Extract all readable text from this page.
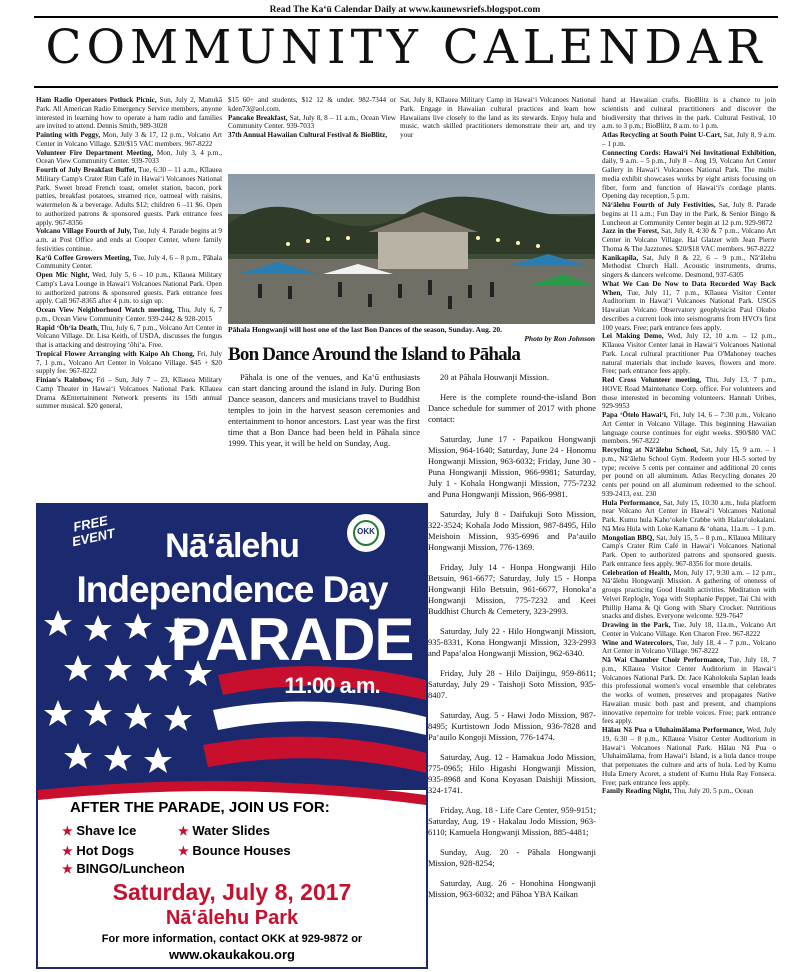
Read The Ka‘ū Calendar Daily at www.kaunewsriefs.blogspot.com
COMMUNITY CALENDAR

Ham Radio Operators Potluck Picnic, Sun, July 2, Manukā Park. All American Radio Emergency Service members, anyone interested in learning how to operate a ham radio and families are invited to attend. Dennis Smith, 989-3028

Painting with Peggy, Mon, July 3 & 17, 12 p.m., Volcano Art Center in Volcano Village. $20/$15 VAC members. 967-8222

Volunteer Fire Department Meeting, Mon, July 3, 4 p.m., Ocean View Community Center. 939-7033

Fourth of July Breakfast Buffet, Tue, 6:30 – 11 a.m., Kīlauea Military Camp's Crater Rim Café in Hawai‘i Volcanoes National Park. Sweet bread French toast, omelet station, bacon, pork patties, breakfast potatoes, steamed rice, oatmeal with raisins, watermelon & a beverage. Adults $12; children 6 –11 $6. Open to authorized patrons & sponsored guests. Park entrance fees apply. 967-8356

Volcano Village Fourth of July, Tue, July 4. Parade begins at 9 a.m. at Post Office and ends at Cooper Center, where family festivities continue.

Ka‘ū Coffee Growers Meeting, Tue, July 4, 6 – 8 p.m., Pāhala Community Center.

Open Mic Night, Wed, July 5, 6 – 10 p.m., Kīlauea Military Camp's Lava Lounge in Hawai‘i Volcanoes National Park. Open to authorized patrons & sponsored guests. Park entrance fees apply. Call 967-8365 after 4 p.m. to sign up.

Ocean View Neighborhood Watch meeting, Thu, July 6, 7 p.m., Ocean View Community Center. 939-2442 & 928-2015

Rapid ‘Ōh‘ia Death, Thu, July 6, 7 p.m., Volcano Art Center in Volcano Village. Dr. Lisa Keith, of USDA, discusses the fungus that is attacking and destroying ‘ōhi‘a. Free.

Tropical Flower Arranging with Kaipo Ah Chong, Fri, July 7, 1 p.m., Volcano Art Center in Volcano Village. $45 + $20 supply fee. 967-8222

Finian's Rainbow, Fri – Sun, July 7 – 23, Kīlauea Military Camp Theater in Hawai‘i Volcanoes National Park. Kīlauea Drama &Entertainment Network presents its 15th annual summer musical. $20 general,

$15 60+ and students, $12 12 & under. 982-7344 or kden73@aol.com.

Pancake Breakfast, Sat, July 8, 8 – 11 a.m., Ocean View Community Center. 939-7033

37th Annual Hawaiian Cultural Festival & BioBlitz,

Sat, July 8, Kīlauea Military Camp in Hawai‘i Volcanoes National Park. Engage in Hawaiian cultural practices and learn how Hawaiians live closely to the land as its stewards. Enjoy hula and music, watch skilled practitioners demonstrate their art, and try your

hand at Hawaiian crafts. BioBlitz is a chance to join scientists and cultural practitioners and discover the biodiversity that thrives in the park. Cultural Festival, 10 a.m. to 3 p.m.; BioBlitz, 8 a.m. to 1 p.m.

Atlas Recycling at South Point U-Cart, Sat, July 8, 9 a.m. – 1 p.m.

Connecting Cords: Hawai‘i Nei Invitational Exhibition, daily, 9 a.m. – 5 p.m., July 8 – Aug 19, Volcano Art Center Gallery in Hawai‘i Volcanoes National Park. The multi-media exhibit showcases works by eight artists focusing on fiber, form and function of Hawai‘i's cordage plants. Opening day reception, 5 p.m.

Nā‘ālehu Fourth of July Festivities, Sat, July 8. Parade begins at 11 a.m.; Fun Day in the Park, & Senior Bingo & Luncheon at Community Center begin at 12 p.m. 929-9872

Jazz in the Forest, Sat, July 8, 4:30 & 7 p.m., Volcano Art Center in Volcano Village. Hal Glatzer with Jean Pierre Thoma & The Jazztones. $20/$18 VAC members. 967-8222

Kanikapila, Sat, July 8 & 22, 6 – 9 p.m., Nā‘ālehu Methodist Church Hall. Acoustic instruments, drums, singers & dancers welcome. Desmond, 937-6305

What We Can Do Now to Data Recorded Way Back When, Tue, July 11, 7 p.m., Kīlauea Visitor Center Auditorium in Hawai‘i Volcanoes National Park. USGS Hawaiian Volcano Observatory geophysicist Paul Okubo describes a current look into seismograms from HVO's first 100 years. Free; park entrance fees apply.

Lei Making Demo, Wed, July 12, 10 a.m. – 12 p.m., Kīlauea Visitor Center lanai in Hawai‘i Volcanoes National Park. Local cultural practitioner Pua O'Mahoney teaches natural materials that include leaves, flowers and more. Free; park entrance fees apply.

Red Cross Volunteer meeting, Thu, July 13, 7 p.m., HOVE Road Maintenance Corp. office. For volunteers and those interested in becoming volunteers. Hannah Uribes, 929-9953

Papa ‘Ōtelo Hawai‘i, Fri, July 14, 6 – 7:30 p.m., Volcano Art Center in Volcano Village. This beginning Hawaiian language course continues for eight weeks. $90/$80 VAC members. 967-8222

Recycling at Nā‘ālehu School, Sat, July 15, 9 a.m. – 1 p.m., Nā‘ālehu School Gym. Redeem your HI-5 sorted by type; receive 5 cents per container and additional 20 cents per pound on all aluminum. Atlas Recycling donates 20 cents per pound on all aluminum redeemed to the school. 939-2413, ext. 230

Hula Performance, Sat, July 15, 10:30 a.m., hula platform near Volcano Art Center in Hawai‘i Volcanoes National Park. Kumu hula Kaho‘okele Crabbe with Halau‘olokalani. Nā Mea Hula with Loke Kamanu & ‘ohana, 11a.m. – 1 p.m.

Mongolian BBQ, Sat, July 15, 5 – 8 p.m., Kīlauea Military Camp's Crater Rim Café in Hawai‘i Volcanoes National Park. Open to authorized patrons and sponsored guests. Park entrance fees apply. 967-8356 for more details.

Celebration of Health, Mon, July 17, 9:30 a.m. – 12 p.m., Nā‘ālehu Hongwanji Mission. A gathering of oneness of groups practicing Good Health activities. Meditation with Velvet Replogle, Yoga with Stephanie Pepper, Tai Chi with Phillip Hama & Qi Gong with Shary Crocker. Nutritious snacks and dishes. Everyone welcome. 929-7647

Drawing in the Park, Tue, July 18, 11a.m., Volcano Art Center in Volcano Village. Ken Charon Free. 967-8222

Wine and Watercolors, Tue, July 18, 4 – 7 p.m., Volcano Art Center in Volcano Village. 967-8222

Nā Wai Chamber Choir Performance, Tue, July 18, 7 p.m., Kīlauea Visitor Center Auditorium in Hawai‘i Volcanoes National Park. Dr. Jace Kaholokula Saplan leads this professional women's vocal ensemble that celebrates the works of women, preserves and propagates Native Hawaiian music both past and present, and champions innovative repertoire for treble voices. Free; park entrance fees apply.

Hālau Nā Pua o Uluhaimālama Performance, Wed, July 19, 6:30 – 8 p.m., Kīlauea Visitor Center Auditorium in Hawai‘i Volcanoes National Park. Hālau Nā Pua o Uluhaimālama, from Hawai‘i Island, is a hula dance troupe that perpetuates the culture and arts of hula. Led by Kumu Hula Emery Acoret, a student of Kumu Hula Ray Fonseca. Free; park entrance fees apply.

Family Reading Night, Thu, July 20, 5 p.m., Ocean

Pāhala Hongwanji will host one of the last Bon Dances of the season, Sunday. Aug. 20.
Photo by Ron Johnson
Bon Dance Around the Island to Pāhala

Pāhala is one of the venues, and Ka‘ū enthusiasts can start dancing around the island in July. During Bon Dance season, dancers and musicians travel to Buddhist temples to join in the harvest season ceremonies and entertainment to honor ancestors. Last year was the first time that a Bon Dance had been held in Pāhala since 1999. This year, it will be held on Sunday, Aug.

20 at Pāhala Houwanji Mission.

Here is the complete round-the-island Bon Dance schedule for summer of 2017 with phone contact:

Saturday, June 17 - Papaikou Hongwanji Mission, 964-1640; Saturday, June 24 - Honomu Hongwanji Mission, 963-6032; Friday, June 30 - Puna Hongwanji Mission, 966-9981; Saturday, July 1 - Kohala Hongwanji Mission, 775-7232 and Puna Hongwanji Mission, 966-9981.

Saturday, July 8 - Daifukuji Soto Mission, 322-3524; Kohala Jodo Mission, 987-8495, Hilo Meishoin Mission, 935-6996 and Pa‘auilo Hongwanji Mission, 776-1369.

Friday, July 14 - Honpa Hongwanji Hilo Betsuin, 961-6677; Saturday, July 15 - Honpa Hongwanji Hilo Betsuin, 961-6677, Honoka‘a Hongwanji Mission, 775-7232 and Keei Buddhist Church & Cemetery, 323-2993.

Saturday, July 22 - Hilo Hongwanji Mission, 935-8331, Kona Hongwanji Mission, 323-2993 and Papa‘aloa Hongwanji Mission, 962-6340.

Friday, July 28 - Hilo Daijingu, 959-8611; Saturday, July 29 - Taishoji Soto Mission, 935-8407.

Saturday, Aug. 5 - Hawi Jodo Mission, 987-8495; Kurtistown Jodo Mission, 936-7828 and Pa‘auilo Kongoji Mission, 776-1474.

Saturday, Aug. 12 - Hamakua Jodo Mission, 775-0965; Hilo Higashi Hongwanji Mission, 935-8968 and Kona Koyasan Daishiji Mission, 324-1741.

Friday, Aug. 18 - Life Care Center, 959-9151; Saturday, Aug. 19 - Hakalau Jodo Mission, 963-6110; Kamuela Hongwanji Mission, 885-4481;

Sunday, Aug. 20 - Pāhala Hongwanji Mission, 928-8254;

Saturday, Aug. 26 - Honohina Hongwanji Mission, 963-6032; and Pāhoa YBA Kaikan

FREE EVENT	OKK
Nā‘ālehu
Independence Day
PARADE
11:00 a.m.
AFTER THE PARADE, JOIN US FOR:
★ Shave Ice	★ Water Slides
★ Hot Dogs	★ Bounce Houses
★ BINGO/Luncheon
Saturday, July 8, 2017
Nā‘ālehu Park
For more information, contact OKK at 929-9872 or
www.okaukakou.org
